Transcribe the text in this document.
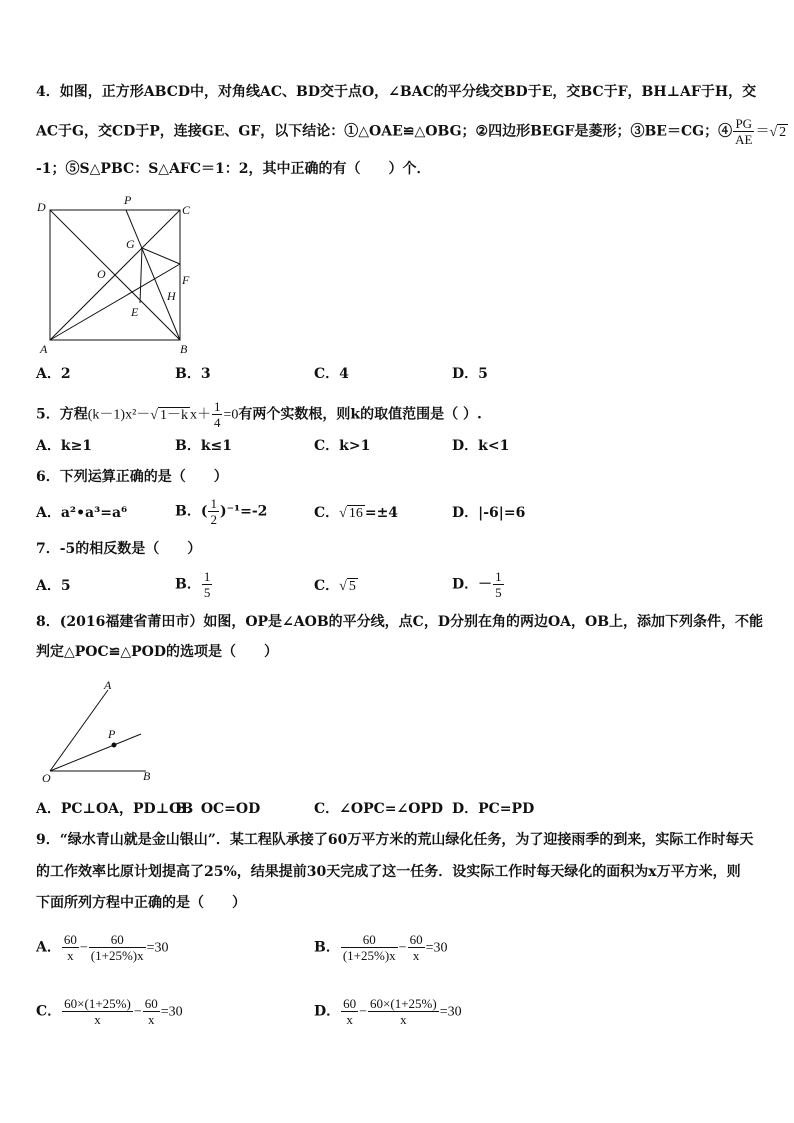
4．如图，正方形ABCD中，对角线AC、BD交于点O，∠BAC的平分线交BD于E，交BC于F，BH⊥AF于H，交
AC于G，交CD于P，连接GE、GF，以下结论：①△OAE≌△OBG；②四边形BEGF是菱形；③BE＝CG；④ $\frac{PG}{AE}$ ＝√ 2
-1；⑤S△PBC：S△AFC＝1：2，其中正确的有（　　）个．
D	P
C
G
O	F
H
E
A	B
A．2	B．3	C．4	D．5
5．方程(k－1)x²－√ 1－k $x+ \frac{1}{4} =0$有两个实数根，则k的取值范围是（ ）.
A．k≥1	B．k≤1	C．k>1	D．k<1
6．下列运算正确的是（　　）
A．a²•a³=a⁶	B．( $\frac{1}{2} )^{-1}=-2$	C．√ 16 =±4	D．|-6|=6
7．-5的相反数是（　　）
A．5	B． $\frac{1}{5}$	C．√ 5	D．－ $\frac{1}{5}$
8．(2016福建省莆田市）如图，OP是∠AOB的平分线，点C，D分别在角的两边OA，OB上，添加下列条件，不能
判定△POC≌△POD的选项是（　　）
A
P
O	B
A．PC⊥OA，PD⊥OB
B．OC=OD	C．∠OPC=∠OPD D．PC=PD
9．“绿水青山就是金山银山”．某工程队承接了60万平方米的荒山绿化任务，为了迎接雨季的到来，实际工作时每天
的工作效率比原计划提高了25%，结果提前30天完成了这一任务．设实际工作时每天绿化的面积为x万平方米，则
下面所列方程中正确的是（　　）
A． $\frac{60}{x} - \frac{60}{(1+25\%)x} =30$	B． $\frac{60}{(1+25\%)x} - \frac{60}{x} =30$
C． $\frac{60\times(1+25\%)}{x} - \frac{60}{x} =30$	D． $\frac{60}{x} - \frac{60\times(1+25\%)}{x} =30$
